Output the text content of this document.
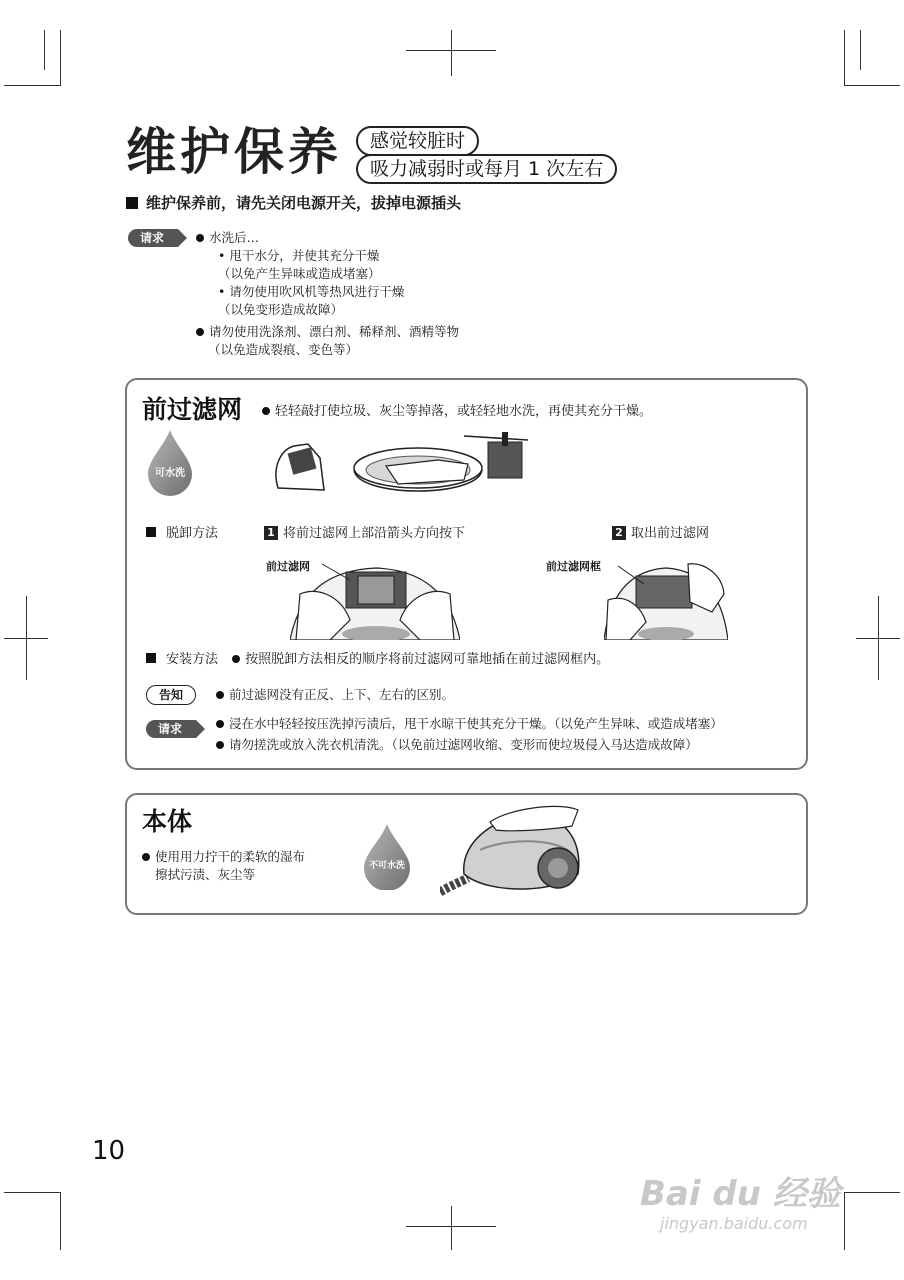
维护保养	感觉较脏时
吸力减弱时或每月 1 次左右
维护保养前，请先关闭电源开关，拔掉电源插头
请求	水洗后…
• 甩干水分，并使其充分干燥
（以免产生异味或造成堵塞）
• 请勿使用吹风机等热风进行干燥
（以免变形造成故障）
请勿使用洗涤剂、漂白剂、稀释剂、酒精等物
（以免造成裂痕、变色等）
前过滤网	轻轻敲打使垃圾、灰尘等掉落，或轻轻地水洗，再使其充分干燥。
可水洗
脱卸方法	1 将前过滤网上部沿箭头方向按下	2 取出前过滤网
前过滤网	前过滤网框
安装方法 按照脱卸方法相反的顺序将前过滤网可靠地插在前过滤网框内。
告知	前过滤网没有正反、上下、左右的区别。
请求	浸在水中轻轻按压洗掉污渍后，甩干水晾干使其充分干燥。（以免产生异味、或造成堵塞）
请勿搓洗或放入洗衣机清洗。（以免前过滤网收缩、变形而使垃圾侵入马达造成故障）
本体
使用用力拧干的柔软的湿布
擦拭污渍、灰尘等
不可水洗
10
Bai du 经验
jingyan.baidu.com
